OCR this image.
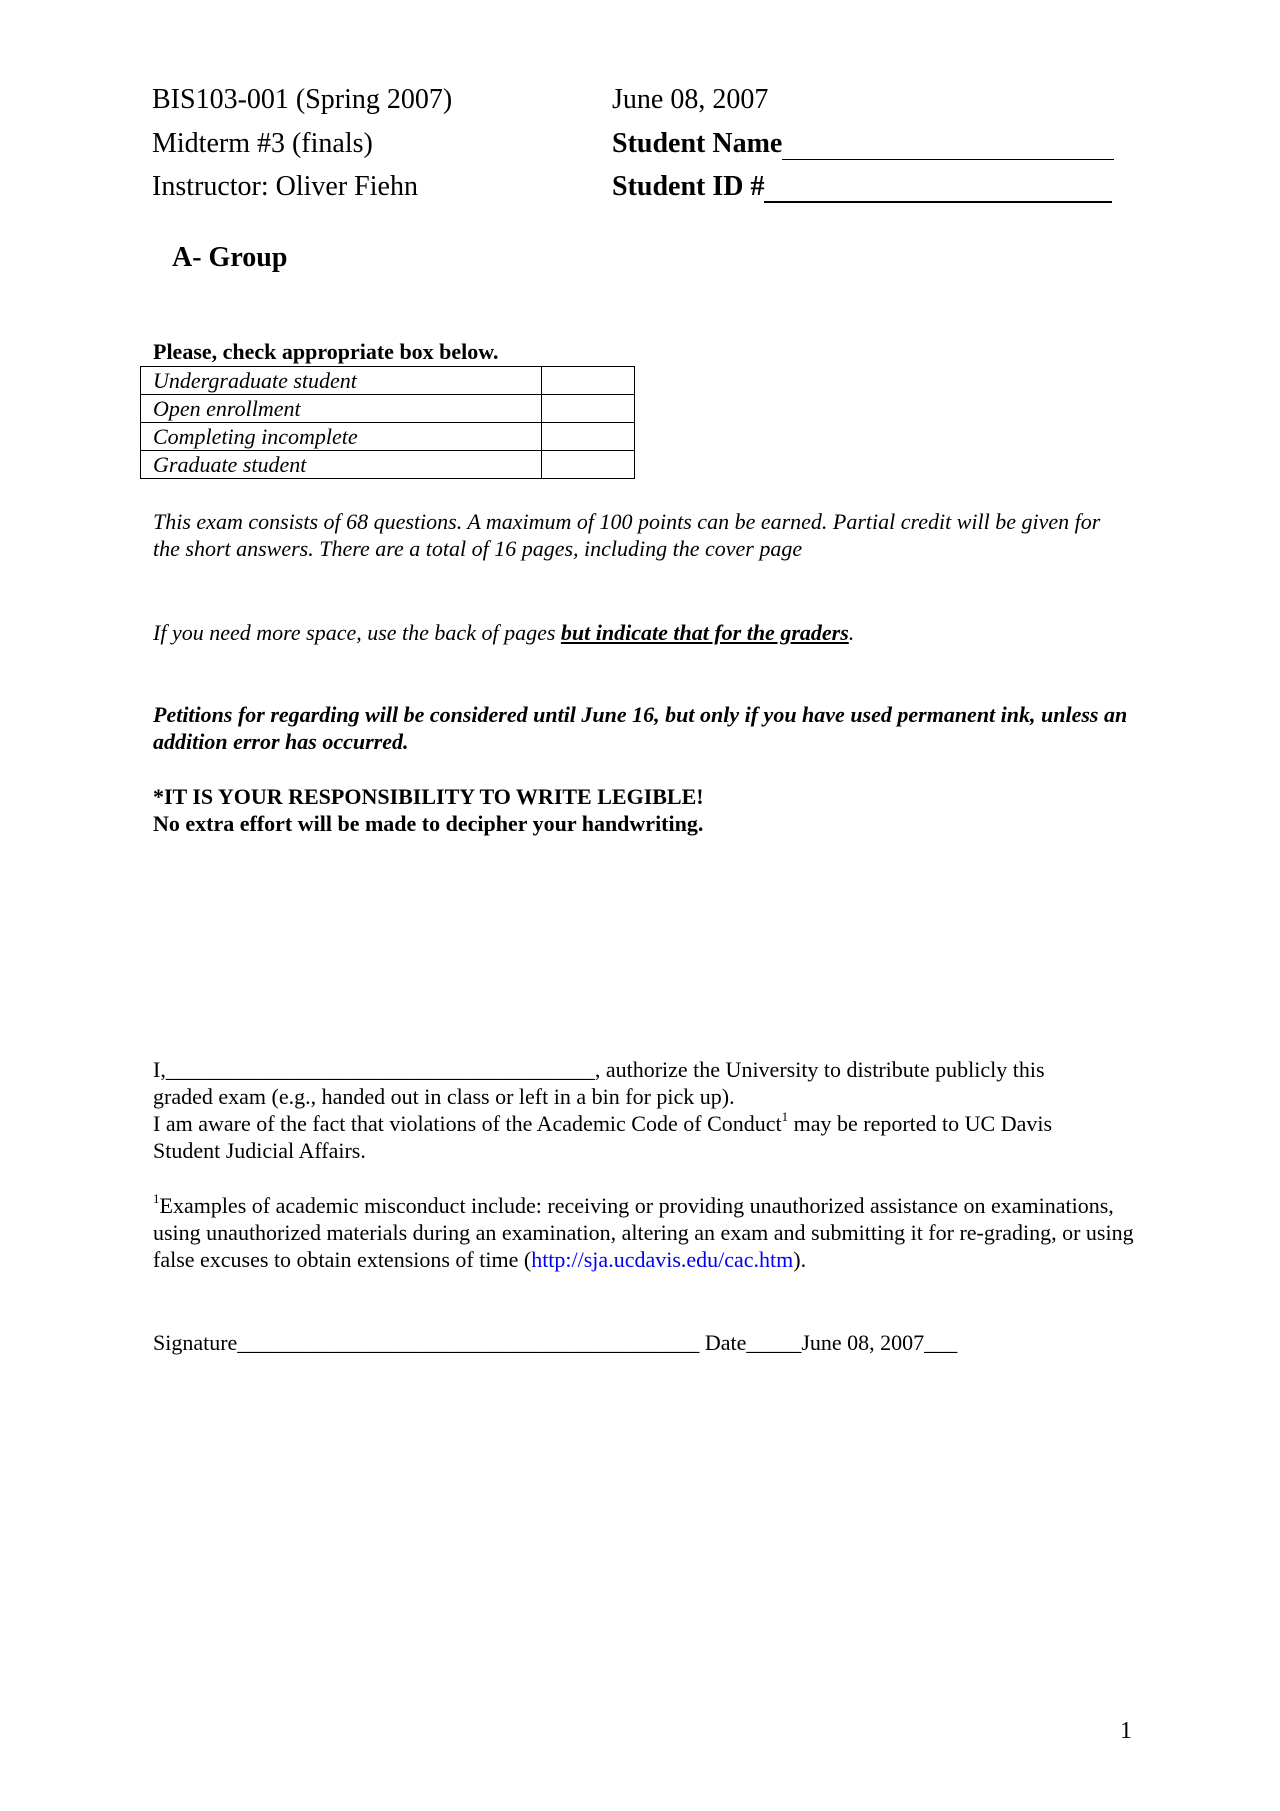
BIS103-001 (Spring 2007)
Midterm #3 (finals)
Instructor: Oliver Fiehn
June 08, 2007
Student Name
Student ID #
A- Group
Please, check appropriate box below.
Undergraduate student	
Open enrollment	
Completing incomplete	
Graduate student	
This exam consists of 68 questions. A maximum of 100 points can be earned. Partial credit will be given for the short answers. There are a total of 16 pages, including the cover page
If you need more space, use the back of pages but indicate that for the graders.
Petitions for regarding will be considered until June 16, but only if you have used permanent ink, unless an addition error has occurred.
*IT IS YOUR RESPONSIBILITY TO WRITE LEGIBLE!
No extra effort will be made to decipher your handwriting.
I,_______________________________________, authorize the University to distribute publicly this
graded exam (e.g., handed out in class or left in a bin for pick up).
I am aware of the fact that violations of the Academic Code of Conduct$^1$ may be reported to UC Davis
Student Judicial Affairs.
$^1$Examples of academic misconduct include: receiving or providing unauthorized assistance on examinations, using unauthorized materials during an examination, altering an exam and submitting it for re-grading, or using false excuses to obtain extensions of time (http://sja.ucdavis.edu/cac.htm).
Signature__________________________________________ Date_____June 08, 2007___
1
